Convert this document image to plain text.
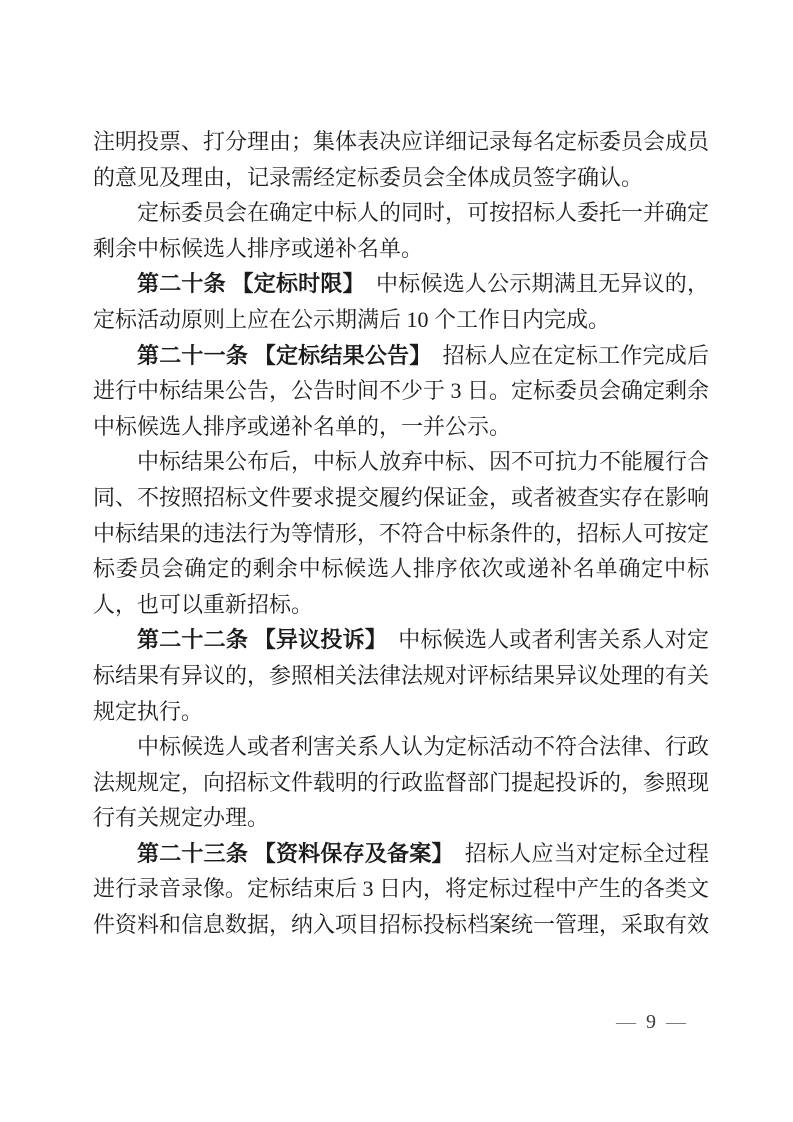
注明投票、打分理由；集体表决应详细记录每名定标委员会成员的意见及理由，记录需经定标委员会全体成员签字确认。

定标委员会在确定中标人的同时，可按招标人委托一并确定剩余中标候选人排序或递补名单。

第二十条 【定标时限】　中标候选人公示期满且无异议的，定标活动原则上应在公示期满后 10 个工作日内完成。

第二十一条 【定标结果公告】　招标人应在定标工作完成后进行中标结果公告，公告时间不少于 3 日。定标委员会确定剩余中标候选人排序或递补名单的，一并公示。

中标结果公布后，中标人放弃中标、因不可抗力不能履行合同、不按照招标文件要求提交履约保证金，或者被查实存在影响中标结果的违法行为等情形，不符合中标条件的，招标人可按定标委员会确定的剩余中标候选人排序依次或递补名单确定中标人，也可以重新招标。

第二十二条 【异议投诉】　中标候选人或者利害关系人对定标结果有异议的，参照相关法律法规对评标结果异议处理的有关规定执行。

中标候选人或者利害关系人认为定标活动不符合法律、行政法规规定，向招标文件载明的行政监督部门提起投诉的，参照现行有关规定办理。

第二十三条 【资料保存及备案】　招标人应当对定标全过程进行录音录像。定标结束后 3 日内，将定标过程中产生的各类文件资料和信息数据，纳入项目招标投标档案统一管理，采取有效

— 9 —
